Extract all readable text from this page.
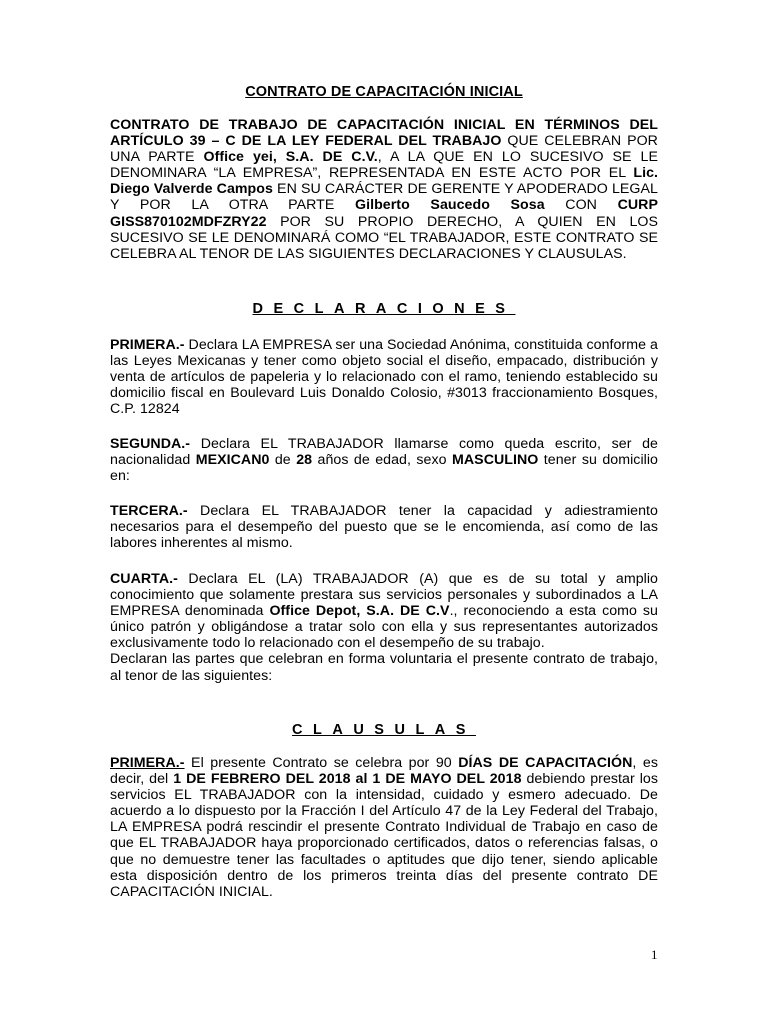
CONTRATO DE CAPACITACIÓN INICIAL

CONTRATO DE TRABAJO DE CAPACITACIÓN INICIAL EN TÉRMINOS DEL ARTÍCULO 39 – C DE LA LEY FEDERAL DEL TRABAJO QUE CELEBRAN POR UNA PARTE Office yei, S.A. DE C.V., A LA QUE EN LO SUCESIVO SE LE DENOMINARA “LA EMPRESA”, REPRESENTADA EN ESTE ACTO POR EL Lic. Diego Valverde Campos EN SU CARÁCTER DE GERENTE Y APODERADO LEGAL Y POR LA OTRA PARTE Gilberto Saucedo Sosa CON CURP GISS870102MDFZRY22 POR SU PROPIO DERECHO, A QUIEN EN LOS SUCESIVO SE LE DENOMINARÁ COMO “EL TRABAJADOR, ESTE CONTRATO SE CELEBRA AL TENOR DE LAS SIGUIENTES DECLARACIONES Y CLAUSULAS.

DECLARACIONES

PRIMERA.- Declara LA EMPRESA ser una Sociedad Anónima, constituida conforme a las Leyes Mexicanas y tener como objeto social el diseño, empacado, distribución y venta de artículos de papeleria y lo relacionado con el ramo, teniendo establecido su domicilio fiscal en Boulevard Luis Donaldo Colosio, #3013 fraccionamiento Bosques, C.P. 12824

SEGUNDA.- Declara EL TRABAJADOR llamarse como queda escrito, ser de nacionalidad MEXICAN0 de 28 años de edad, sexo MASCULINO tener su domicilio en:

TERCERA.- Declara EL TRABAJADOR tener la capacidad y adiestramiento necesarios para el desempeño del puesto que se le encomienda, así como de las labores inherentes al mismo.

CUARTA.- Declara EL (LA) TRABAJADOR (A) que es de su total y amplio conocimiento que solamente prestara sus servicios personales y subordinados a LA EMPRESA denominada Office Depot, S.A. DE C.V., reconociendo a esta como su único patrón y obligándose a tratar solo con ella y sus representantes autorizados exclusivamente todo lo relacionado con el desempeño de su trabajo.

Declaran las partes que celebran en forma voluntaria el presente contrato de trabajo, al tenor de las siguientes:

CLAUSULAS

PRIMERA.- El presente Contrato se celebra por 90 DÍAS DE CAPACITACIÓN, es decir, del 1 DE FEBRERO DEL 2018 al 1 DE MAYO DEL 2018 debiendo prestar los servicios EL TRABAJADOR con la intensidad, cuidado y esmero adecuado. De acuerdo a lo dispuesto por la Fracción I del Artículo 47 de la Ley Federal del Trabajo, LA EMPRESA podrá rescindir el presente Contrato Individual de Trabajo en caso de que EL TRABAJADOR haya proporcionado certificados, datos o referencias falsas, o que no demuestre tener las facultades o aptitudes que dijo tener, siendo aplicable esta disposición dentro de los primeros treinta días del presente contrato DE CAPACITACIÓN INICIAL.

1
